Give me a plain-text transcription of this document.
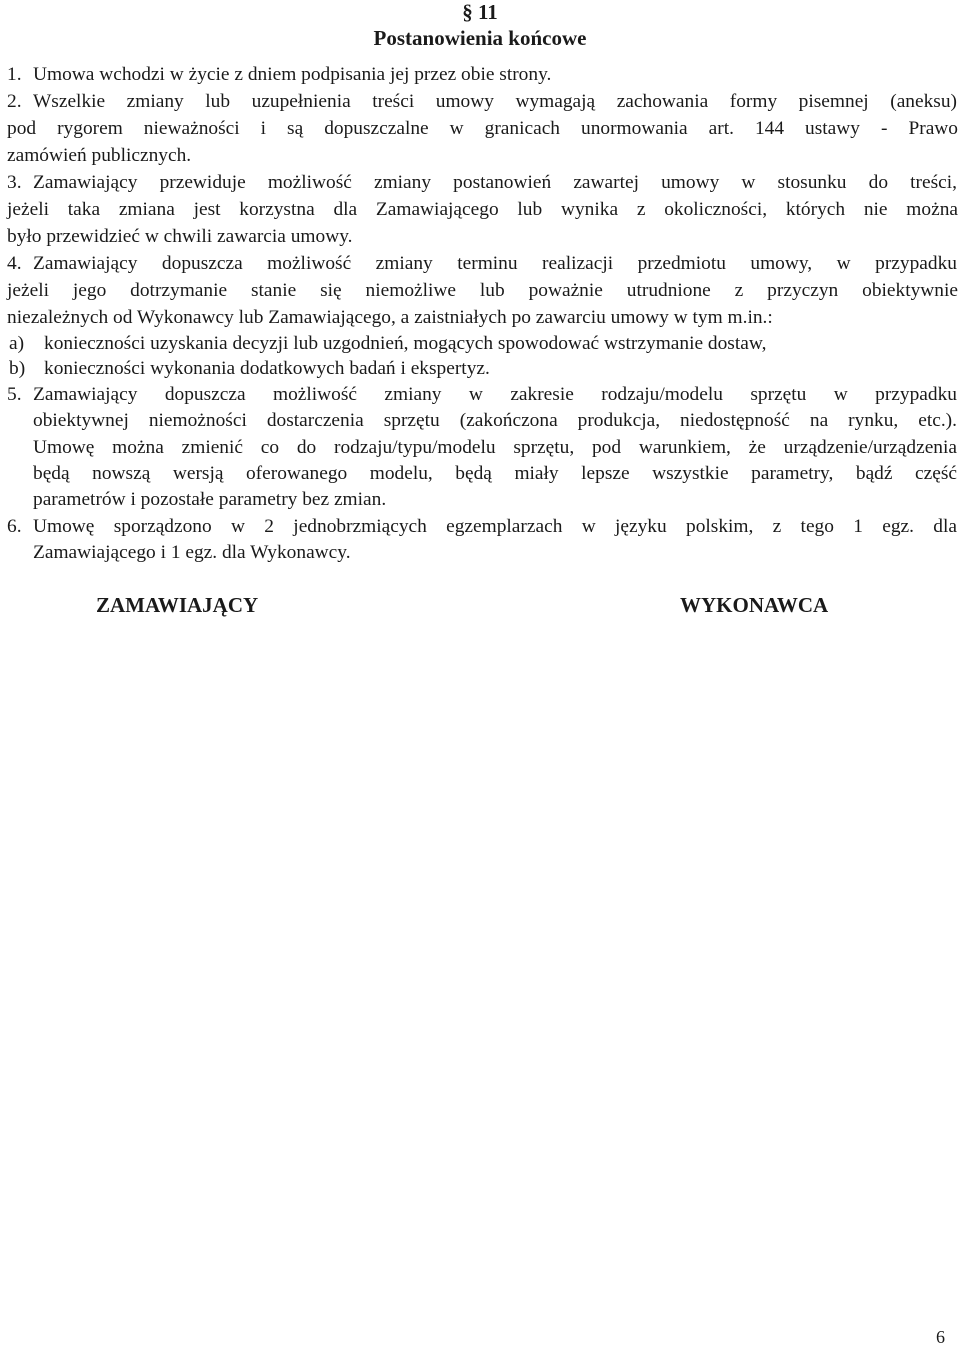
§ 11
Postanowienia końcowe
1. Umowa wchodzi w życie z dniem podpisania jej przez obie strony.
2. Wszelkie zmiany lub uzupełnienia treści umowy wymagają zachowania formy pisemnej (aneksu)
pod rygorem nieważności i są dopuszczalne w granicach unormowania art. 144 ustawy - Prawo
zamówień publicznych.
3. Zamawiający przewiduje możliwość zmiany postanowień zawartej umowy w stosunku do treści,
jeżeli taka zmiana jest korzystna dla Zamawiającego lub wynika z okoliczności, których nie można
było przewidzieć w chwili zawarcia umowy.
4. Zamawiający dopuszcza możliwość zmiany terminu realizacji przedmiotu umowy, w przypadku
jeżeli jego dotrzymanie stanie się niemożliwe lub poważnie utrudnione z przyczyn obiektywnie
niezależnych od Wykonawcy lub Zamawiającego, a zaistniałych po zawarciu umowy w tym m.in.:
a) konieczności uzyskania decyzji lub uzgodnień, mogących spowodować wstrzymanie dostaw,
b) konieczności wykonania dodatkowych badań i ekspertyz.
5. Zamawiający dopuszcza możliwość zmiany w zakresie rodzaju/modelu sprzętu w przypadku
obiektywnej niemożności dostarczenia sprzętu (zakończona produkcja, niedostępność na rynku, etc.).
Umowę można zmienić co do rodzaju/typu/modelu sprzętu, pod warunkiem, że urządzenie/urządzenia
będą nowszą wersją oferowanego modelu, będą miały lepsze wszystkie parametry, bądź część
parametrów i pozostałe parametry bez zmian.
6. Umowę sporządzono w 2 jednobrzmiących egzemplarzach w języku polskim, z tego 1 egz. dla
Zamawiającego i 1 egz. dla Wykonawcy.
ZAMAWIAJĄCY	WYKONAWCA
6
